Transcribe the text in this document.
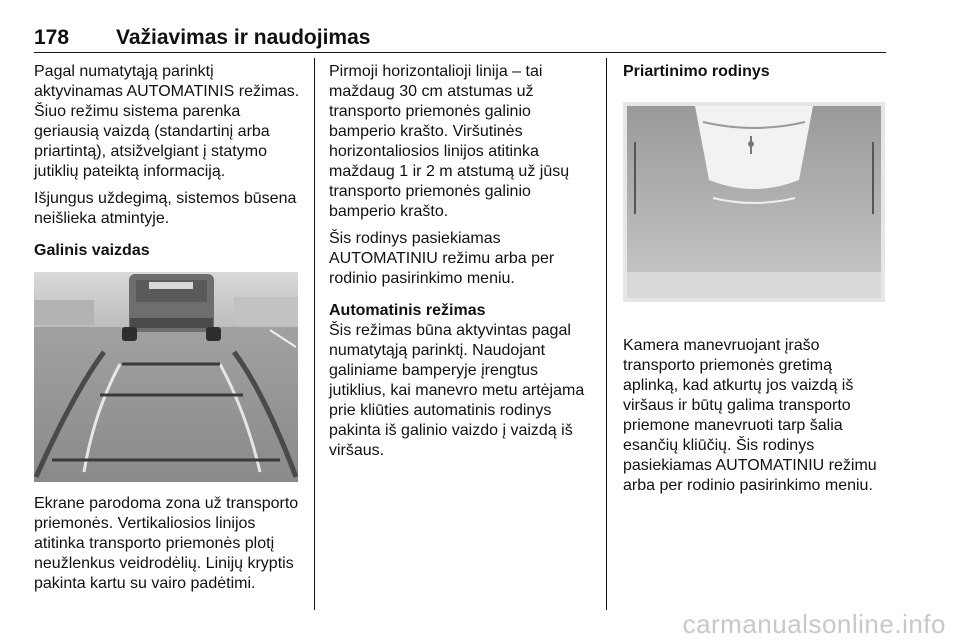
178 Važiavimas ir naudojimas

Pagal numatytąją parinktį aktyvinamas AUTOMATINIS režimas. Šiuo režimu sistema parenka geriausią vaizdą (standartinį arba priartintą), atsižvelgiant į statymo jutiklių pateiktą informaciją.

Išjungus uždegimą, sistemos būsena neišlieka atmintyje.

Galinis vaizdas

Ekrane parodoma zona už transporto priemonės. Vertikaliosios linijos atitinka transporto priemonės plotį neužlenkus veidrodėlių. Linijų kryptis pakinta kartu su vairo padėtimi.

Pirmoji horizontalioji linija – tai maždaug 30 cm atstumas už transporto priemonės galinio bamperio krašto. Viršutinės horizontaliosios linijos atitinka maždaug 1 ir 2 m atstumą už jūsų transporto priemonės galinio bamperio krašto.

Šis rodinys pasiekiamas AUTOMATINIU režimu arba per rodinio pasirinkimo meniu.

Automatinis režimas

Šis režimas būna aktyvintas pagal numatytąją parinktį. Naudojant galiniame bamperyje įrengtus jutiklius, kai manevro metu artėjama prie kliūties automatinis rodinys pakinta iš galinio vaizdo į vaizdą iš viršaus.

Priartinimo rodinys

Kamera manevruojant įrašo transporto priemonės gretimą aplinką, kad atkurtų jos vaizdą iš viršaus ir būtų galima transporto priemone manevruoti tarp šalia esančių kliūčių. Šis rodinys pasiekiamas AUTOMATINIU režimu arba per rodinio pasirinkimo meniu.

carmanualsonline.info
